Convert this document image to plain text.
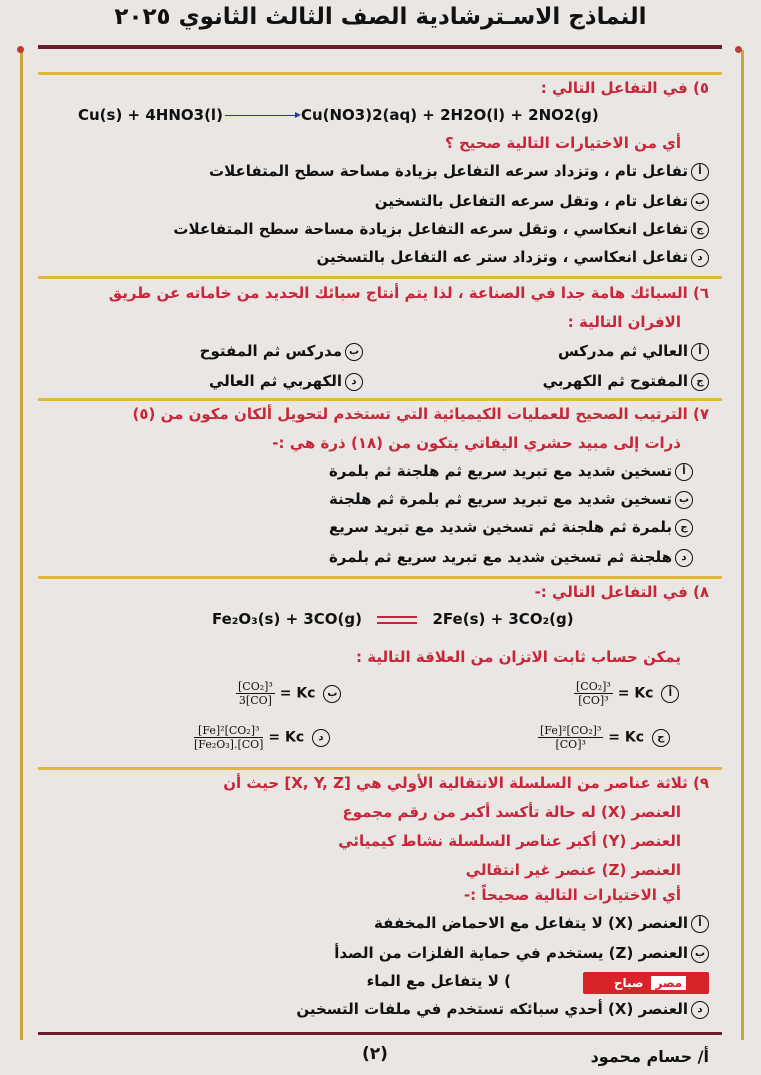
النماذج الاسـترشادية الصف الثالث الثانوي ٢٠٢٥
٥) في التفاعل التالي :
Cu(s) + 4HNO3(l)	Cu(NO3)2(aq) + 2H2O(l) + 2NO2(g)
أي من الاختيارات التالية صحيح ؟
أتفاعل تام ، وتزداد سرعه التفاعل بزيادة مساحة سطح المتفاعلات
بتفاعل تام ، وتقل سرعه التفاعل بالتسخين
جتفاعل انعكاسي ، وتقل سرعه التفاعل بزيادة مساحة سطح المتفاعلات
دتفاعل انعكاسي ، وتزداد ستر عه التفاعل بالتسخين
٦) السبائك هامة جدا في الصناعة ، لذا يتم أنتاج سبائك الحديد من خاماته عن طريق
الافران التالية :
أالعالي ثم مدركس
بمدركس ثم المفتوح
جالمفتوح ثم الكهربي
دالكهربي ثم العالي
٧) الترتيب الصحيح للعمليات الكيميائية التي تستخدم لتحويل ألكان مكون من (٥)
ذرات إلى مبيد حشري اليفاتي يتكون من (١٨) ذرة هي :-
أتسخين شديد مع تبريد سريع ثم هلجنة ثم بلمرة
بتسخين شديد مع تبريد سريع ثم بلمرة ثم هلجنة
جبلمرة ثم هلجنة ثم تسخين شديد مع تبريد سريع
دهلجنة ثم تسخين شديد مع تبريد سريع ثم بلمرة
٨) في التفاعل التالي :-
Fe₂O₃(s) + 3CO(g)	2Fe(s) + 3CO₂(g)
يمكن حساب ثابت الاتزان من العلاقة التالية :
$\frac{\text{[CO₂]³}}{\text{[CO]³}} = Kc$ أ
$\frac{\text{[CO₂]³}}{3[CO]} = Kc$ ب
$\frac{\text{[Fe]²[CO₂]³}}{\text{[CO]³}} = Kc$ ج
$\frac{\text{[Fe]²[CO₂]³}}{\text{[Fe₂O₃].[CO]}} = Kc$ د
٩) ثلاثة عناصر من السلسلة الانتقالية الأولي هي [X, Y, Z] حيث أن
العنصر (X) له حالة تأكسد أكبر من رقم مجموع
العنصر (Y) أكبر عناصر السلسلة نشاط كيميائي
العنصر (Z) عنصر غير انتقالي
أي الاختيارات التالية صحيحاً :-
أالعنصر (X) لا يتفاعل مع الاحماض المخففة
بالعنصر (Z) يستخدم في حماية الفلزات من الصدأ
) لا يتفاعل مع الماء	مصرصباح
دالعنصر (X) أحدي سبائكه تستخدم في ملفات التسخين
أ/ حسام محمود
(٢)
